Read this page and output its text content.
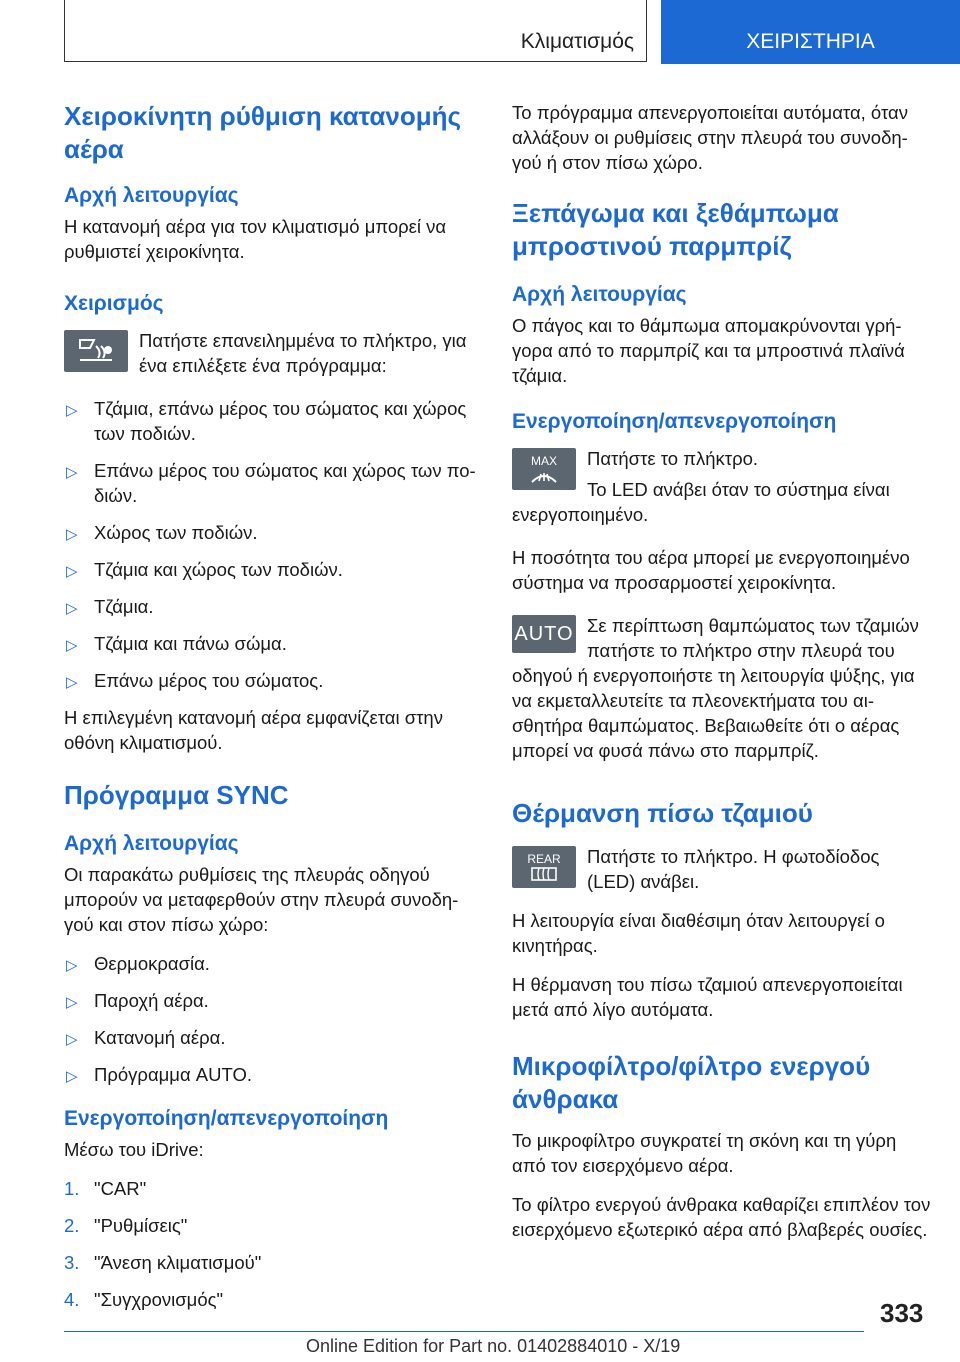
Κλιματισμός	ΧΕΙΡΙΣΤΗΡΙΑ
Χειροκίνητη ρύθμιση κατανομής αέρα
Αρχή λειτουργίας
Η κατανομή αέρα για τον κλιματισμό μπορεί να ρυθμιστεί χειροκίνητα.
Χειρισμός
Πατήστε επανειλημμένα το πλήκτρο, για ένα επιλέξετε ένα πρόγραμμα:
▷ Τζάμια, επάνω μέρος του σώματος και χώρος των ποδιών.
▷ Επάνω μέρος του σώματος και χώρος των πο-διών.
▷ Χώρος των ποδιών.
▷ Τζάμια και χώρος των ποδιών.
▷ Τζάμια.
▷ Τζάμια και πάνω σώμα.
▷ Επάνω μέρος του σώματος.
Η επιλεγμένη κατανομή αέρα εμφανίζεται στην οθόνη κλιματισμού.
Πρόγραμμα SYNC
Αρχή λειτουργίας
Οι παρακάτω ρυθμίσεις της πλευράς οδηγού μπορούν να μεταφερθούν στην πλευρά συνοδη-γού και στον πίσω χώρο:
▷ Θερμοκρασία.
▷ Παροχή αέρα.
▷ Κατανομή αέρα.
▷ Πρόγραμμα AUTO.
Ενεργοποίηση/απενεργοποίηση
Μέσω του iDrive:
1. "CAR"
2. "Ρυθμίσεις"
3. "Άνεση κλιματισμού"
4. "Συγχρονισμός"
Το πρόγραμμα απενεργοποιείται αυτόματα, όταν αλλάξουν οι ρυθμίσεις στην πλευρά του συνοδη-γού ή στον πίσω χώρο.
Ξεπάγωμα και ξεθάμπωμα μπροστινού παρμπρίζ
Αρχή λειτουργίας
Ο πάγος και το θάμπωμα απομακρύνονται γρή-γορα από το παρμπρίζ και τα μπροστινά πλαϊνά τζάμια.
Ενεργοποίηση/απενεργοποίηση
MAX	Πατήστε το πλήκτρο.
Το LED ανάβει όταν το σύστημα είναι ενεργοποιημένο.
Η ποσότητα του αέρα μπορεί με ενεργοποιημένο σύστημα να προσαρμοστεί χειροκίνητα.
AUTO Σε περίπτωση θαμπώματος των τζαμιών πατήστε το πλήκτρο στην πλευρά του οδηγού ή ενεργοποιήστε τη λειτουργία ψύξης, για να εκμεταλλευτείτε τα πλεονεκτήματα του αι-σθητήρα θαμπώματος. Βεβαιωθείτε ότι ο αέρας μπορεί να φυσά πάνω στο παρμπρίζ.
Θέρμανση πίσω τζαμιού
REAR	Πατήστε το πλήκτρο. Η φωτοδίοδος (LED) ανάβει.
Η λειτουργία είναι διαθέσιμη όταν λειτουργεί ο κινητήρας.
Η θέρμανση του πίσω τζαμιού απενεργοποιείται μετά από λίγο αυτόματα.
Μικροφίλτρο/φίλτρο ενεργού άνθρακα
Το μικροφίλτρο συγκρατεί τη σκόνη και τη γύρη από τον εισερχόμενο αέρα.
Το φίλτρο ενεργού άνθρακα καθαρίζει επιπλέον τον εισερχόμενο εξωτερικό αέρα από βλαβερές ουσίες.
333
Online Edition for Part no. 01402884010 - X/19
